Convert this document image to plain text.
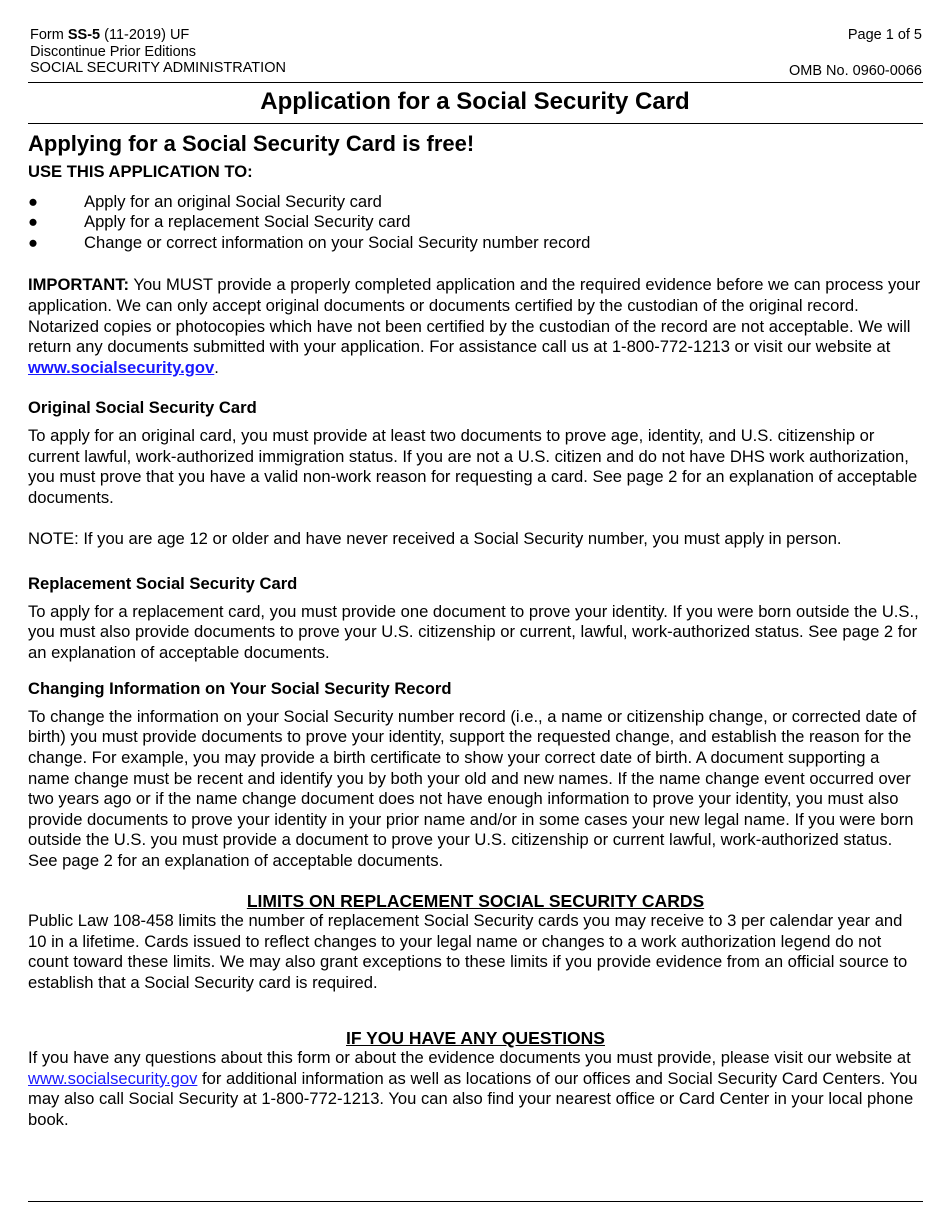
Form SS-5 (11-2019) UF
Discontinue Prior Editions
SOCIAL SECURITY ADMINISTRATION
Page 1 of 5
OMB No. 0960-0066
Application for a Social Security Card
Applying for a Social Security Card is free!

USE THIS APPLICATION TO:

●	Apply for an original Social Security card
●	Apply for a replacement Social Security card
●	Change or correct information on your Social Security number record

IMPORTANT: You MUST provide a properly completed application and the required evidence before we can process your application. We can only accept original documents or documents certified by the custodian of the original record. Notarized copies or photocopies which have not been certified by the custodian of the record are not acceptable. We will return any documents submitted with your application. For assistance call us at 1-800-772-1213 or visit our website at www.socialsecurity.gov.

Original Social Security Card

To apply for an original card, you must provide at least two documents to prove age, identity, and U.S. citizenship or current lawful, work-authorized immigration status. If you are not a U.S. citizen and do not have DHS work authorization, you must prove that you have a valid non-work reason for requesting a card. See page 2 for an explanation of acceptable documents.

NOTE: If you are age 12 or older and have never received a Social Security number, you must apply in person.

Replacement Social Security Card

To apply for a replacement card, you must provide one document to prove your identity. If you were born outside the U.S., you must also provide documents to prove your U.S. citizenship or current, lawful, work-authorized status. See page 2 for an explanation of acceptable documents.

Changing Information on Your Social Security Record

To change the information on your Social Security number record (i.e., a name or citizenship change, or corrected date of birth) you must provide documents to prove your identity, support the requested change, and establish the reason for the change. For example, you may provide a birth certificate to show your correct date of birth. A document supporting a name change must be recent and identify you by both your old and new names. If the name change event occurred over two years ago or if the name change document does not have enough information to prove your identity, you must also provide documents to prove your identity in your prior name and/or in some cases your new legal name. If you were born outside the U.S. you must provide a document to prove your U.S. citizenship or current lawful, work-authorized status. See page 2 for an explanation of acceptable documents.

LIMITS ON REPLACEMENT SOCIAL SECURITY CARDS

Public Law 108-458 limits the number of replacement Social Security cards you may receive to 3 per calendar year and 10 in a lifetime. Cards issued to reflect changes to your legal name or changes to a work authorization legend do not count toward these limits. We may also grant exceptions to these limits if you provide evidence from an official source to establish that a Social Security card is required.

IF YOU HAVE ANY QUESTIONS

If you have any questions about this form or about the evidence documents you must provide, please visit our website at www.socialsecurity.gov for additional information as well as locations of our offices and Social Security Card Centers. You may also call Social Security at 1-800-772-1213. You can also find your nearest office or Card Center in your local phone book.
